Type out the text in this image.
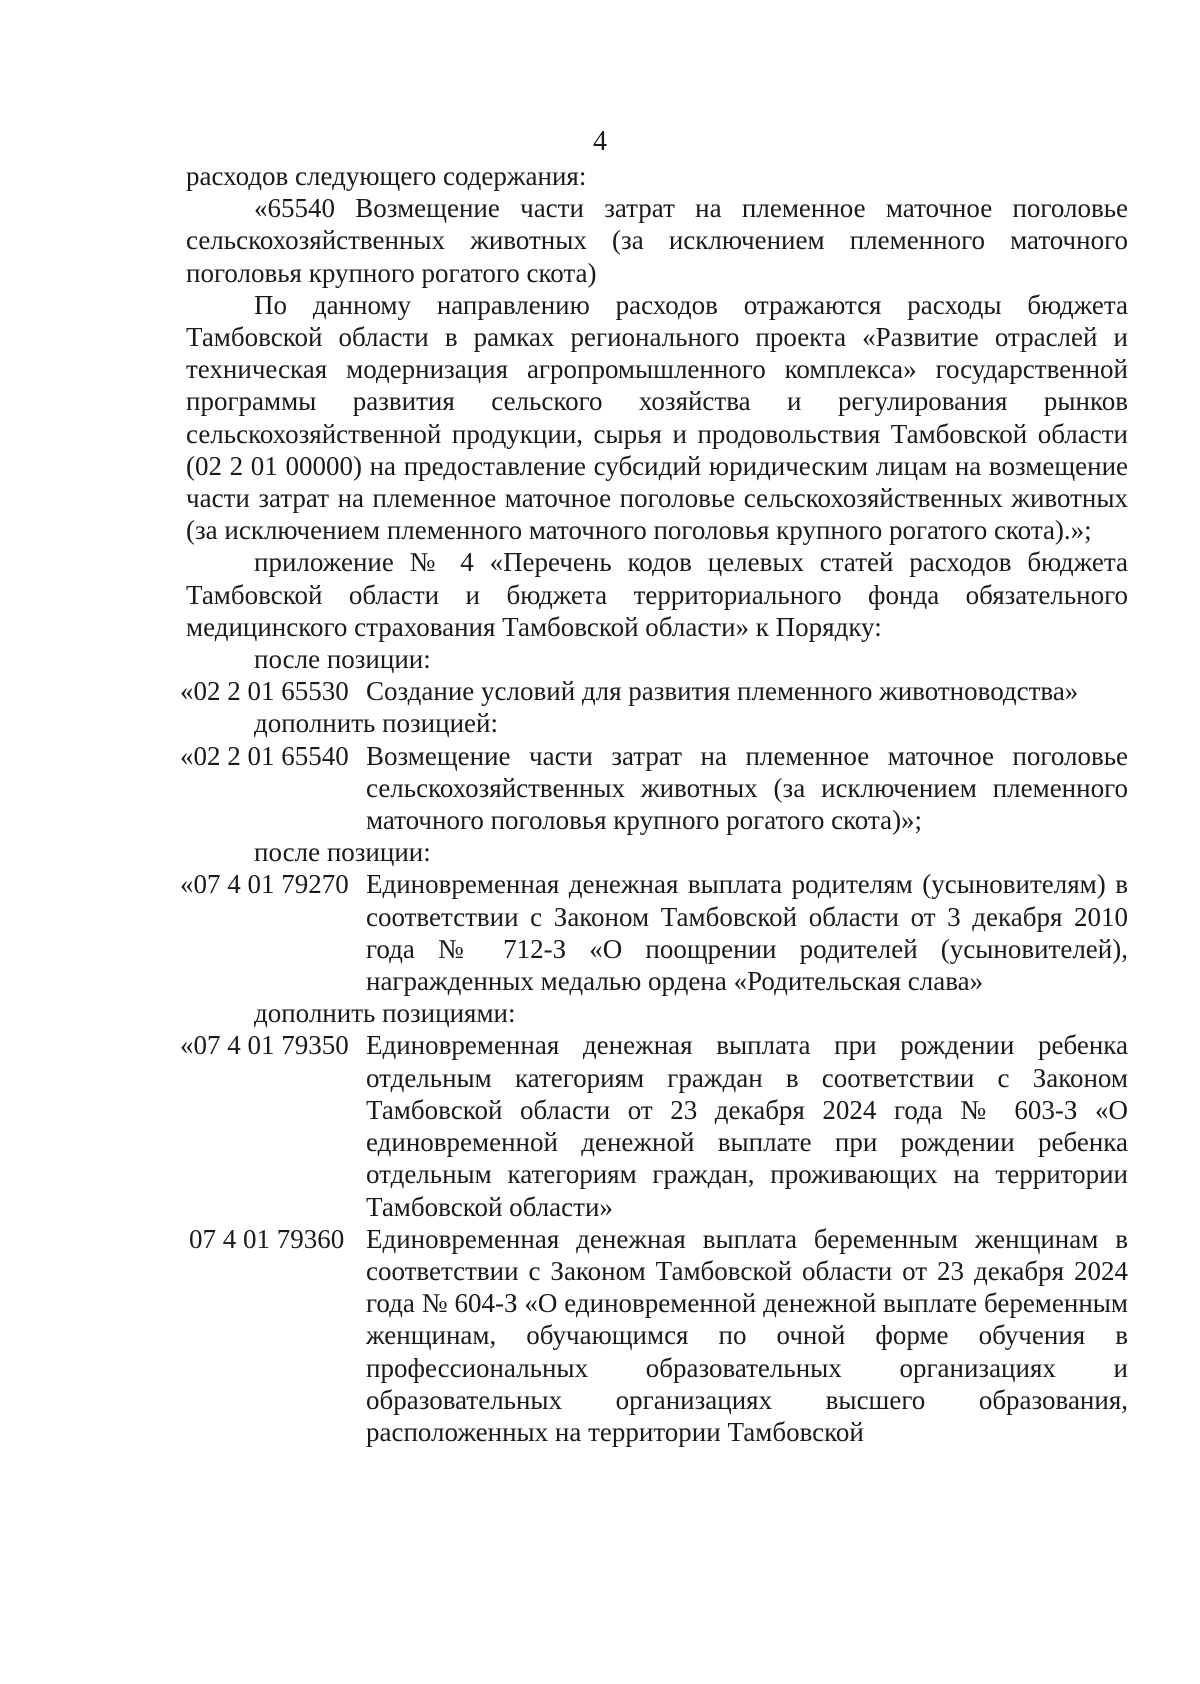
4

расходов следующего содержания:

«65540 Возмещение части затрат на племенное маточное поголовье сельскохозяйственных животных (за исключением племенного маточного поголовья крупного рогатого скота)

По данному направлению расходов отражаются расходы бюджета Тамбовской области в рамках регионального проекта «Развитие отраслей и техническая модернизация агропромышленного комплекса» государственной программы развития сельского хозяйства и регулирования рынков сельскохозяйственной продукции, сырья и продовольствия Тамбовской области (02 2 01 00000) на предоставление субсидий юридическим лицам на возмещение части затрат на племенное маточное поголовье сельскохозяйственных животных (за исключением племенного маточного поголовья крупного рогатого скота).»;

приложение № 4 «Перечень кодов целевых статей расходов бюджета Тамбовской области и бюджета территориального фонда обязательного медицинского страхования Тамбовской области» к Порядку:

после позиции:

«02 2 01 65530 Создание условий для развития племенного животноводства»

дополнить позицией:

«02 2 01 65540 Возмещение части затрат на племенное маточное поголовье сельскохозяйственных животных (за исключением племенного маточного поголовья крупного рогатого скота)»;

после позиции:

«07 4 01 79270 Единовременная денежная выплата родителям (усыновителям) в соответствии с Законом Тамбовской области от 3 декабря 2010 года № 712-З «О поощрении родителей (усыновителей), награжденных медалью ордена «Родительская слава»

дополнить позициями:

«07 4 01 79350 Единовременная денежная выплата при рождении ребенка отдельным категориям граждан в соответствии с Законом Тамбовской области от 23 декабря 2024 года № 603-З «О единовременной денежной выплате при рождении ребенка отдельным категориям граждан, проживающих на территории Тамбовской области»
07 4 01 79360 Единовременная денежная выплата беременным женщинам в соответствии с Законом Тамбовской области от 23 декабря 2024 года № 604-З «О единовременной денежной выплате беременным женщинам, обучающимся по очной форме обучения в профессиональных образовательных организациях и образовательных организациях высшего образования, расположенных на территории Тамбовской
